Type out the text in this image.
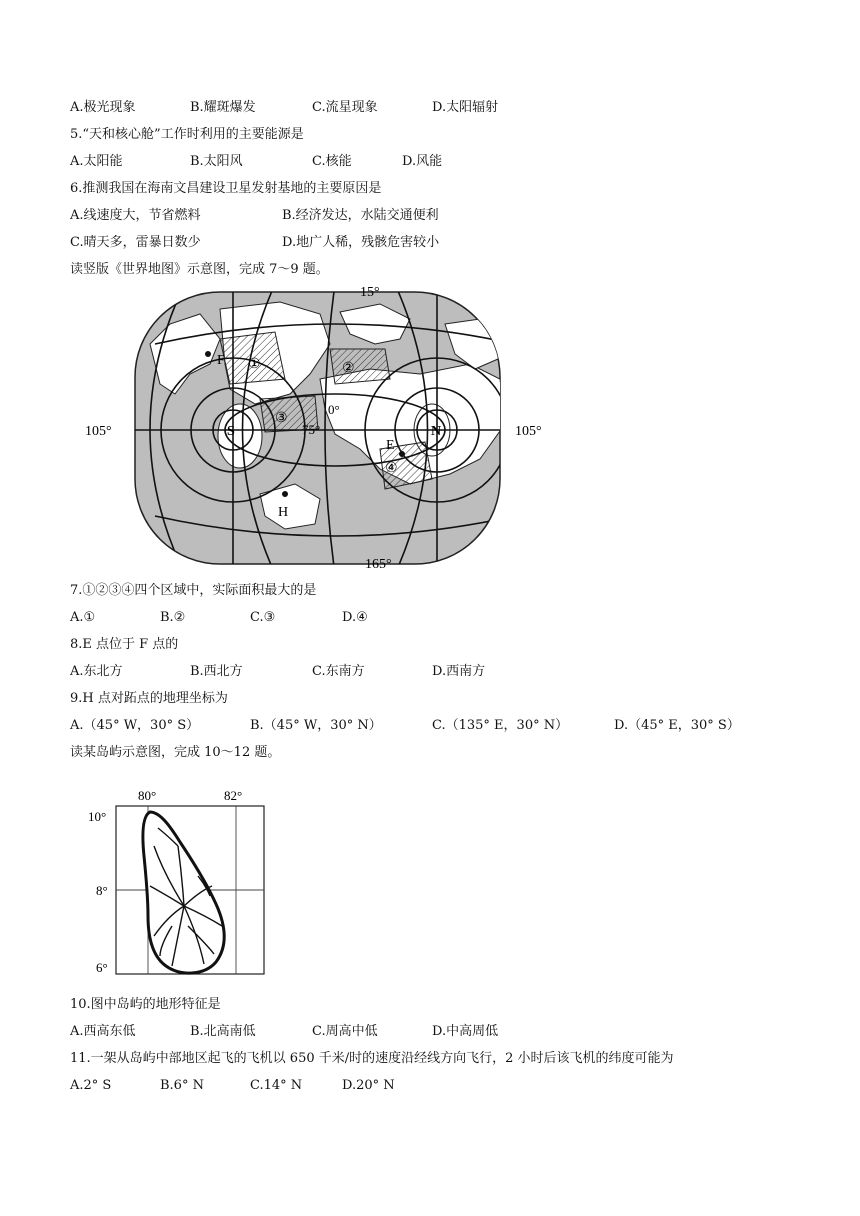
A.极光现象	B.耀斑爆发	C.流星现象	D.太阳辐射
5.“天和核心舱”工作时利用的主要能源是
A.太阳能	B.太阳风	C.核能	D.风能
6.推测我国在海南文昌建设卫星发射基地的主要原因是
A.线速度大，节省燃料	B.经济发达，水陆交通便利
C.晴天多，雷暴日数少	D.地广人稀，残骸危害较小
读竖版《世界地图》示意图，完成 7～9 题。
15°
165°
105°	105°
0°
75°
S	N
F
E
H
①	②
③
④
7.①②③④四个区域中，实际面积最大的是
A.①	B.②	C.③	D.④
8.E 点位于 F 点的
A.东北方	B.西北方	C.东南方	D.西南方
9.H 点对跖点的地理坐标为
A.（45° W，30° S）	B.（45° W，30° N）	C.（135° E，30° N）	D.（45° E，30° S）
读某岛屿示意图，完成 10～12 题。
80°	82°
10°
8°
6°
10.图中岛屿的地形特征是
A.西高东低	B.北高南低	C.周高中低	D.中高周低
11.一架从岛屿中部地区起飞的飞机以 650 千米/时的速度沿经线方向飞行，2 小时后该飞机的纬度可能为
A.2° S	B.6° N	C.14° N	D.20° N
